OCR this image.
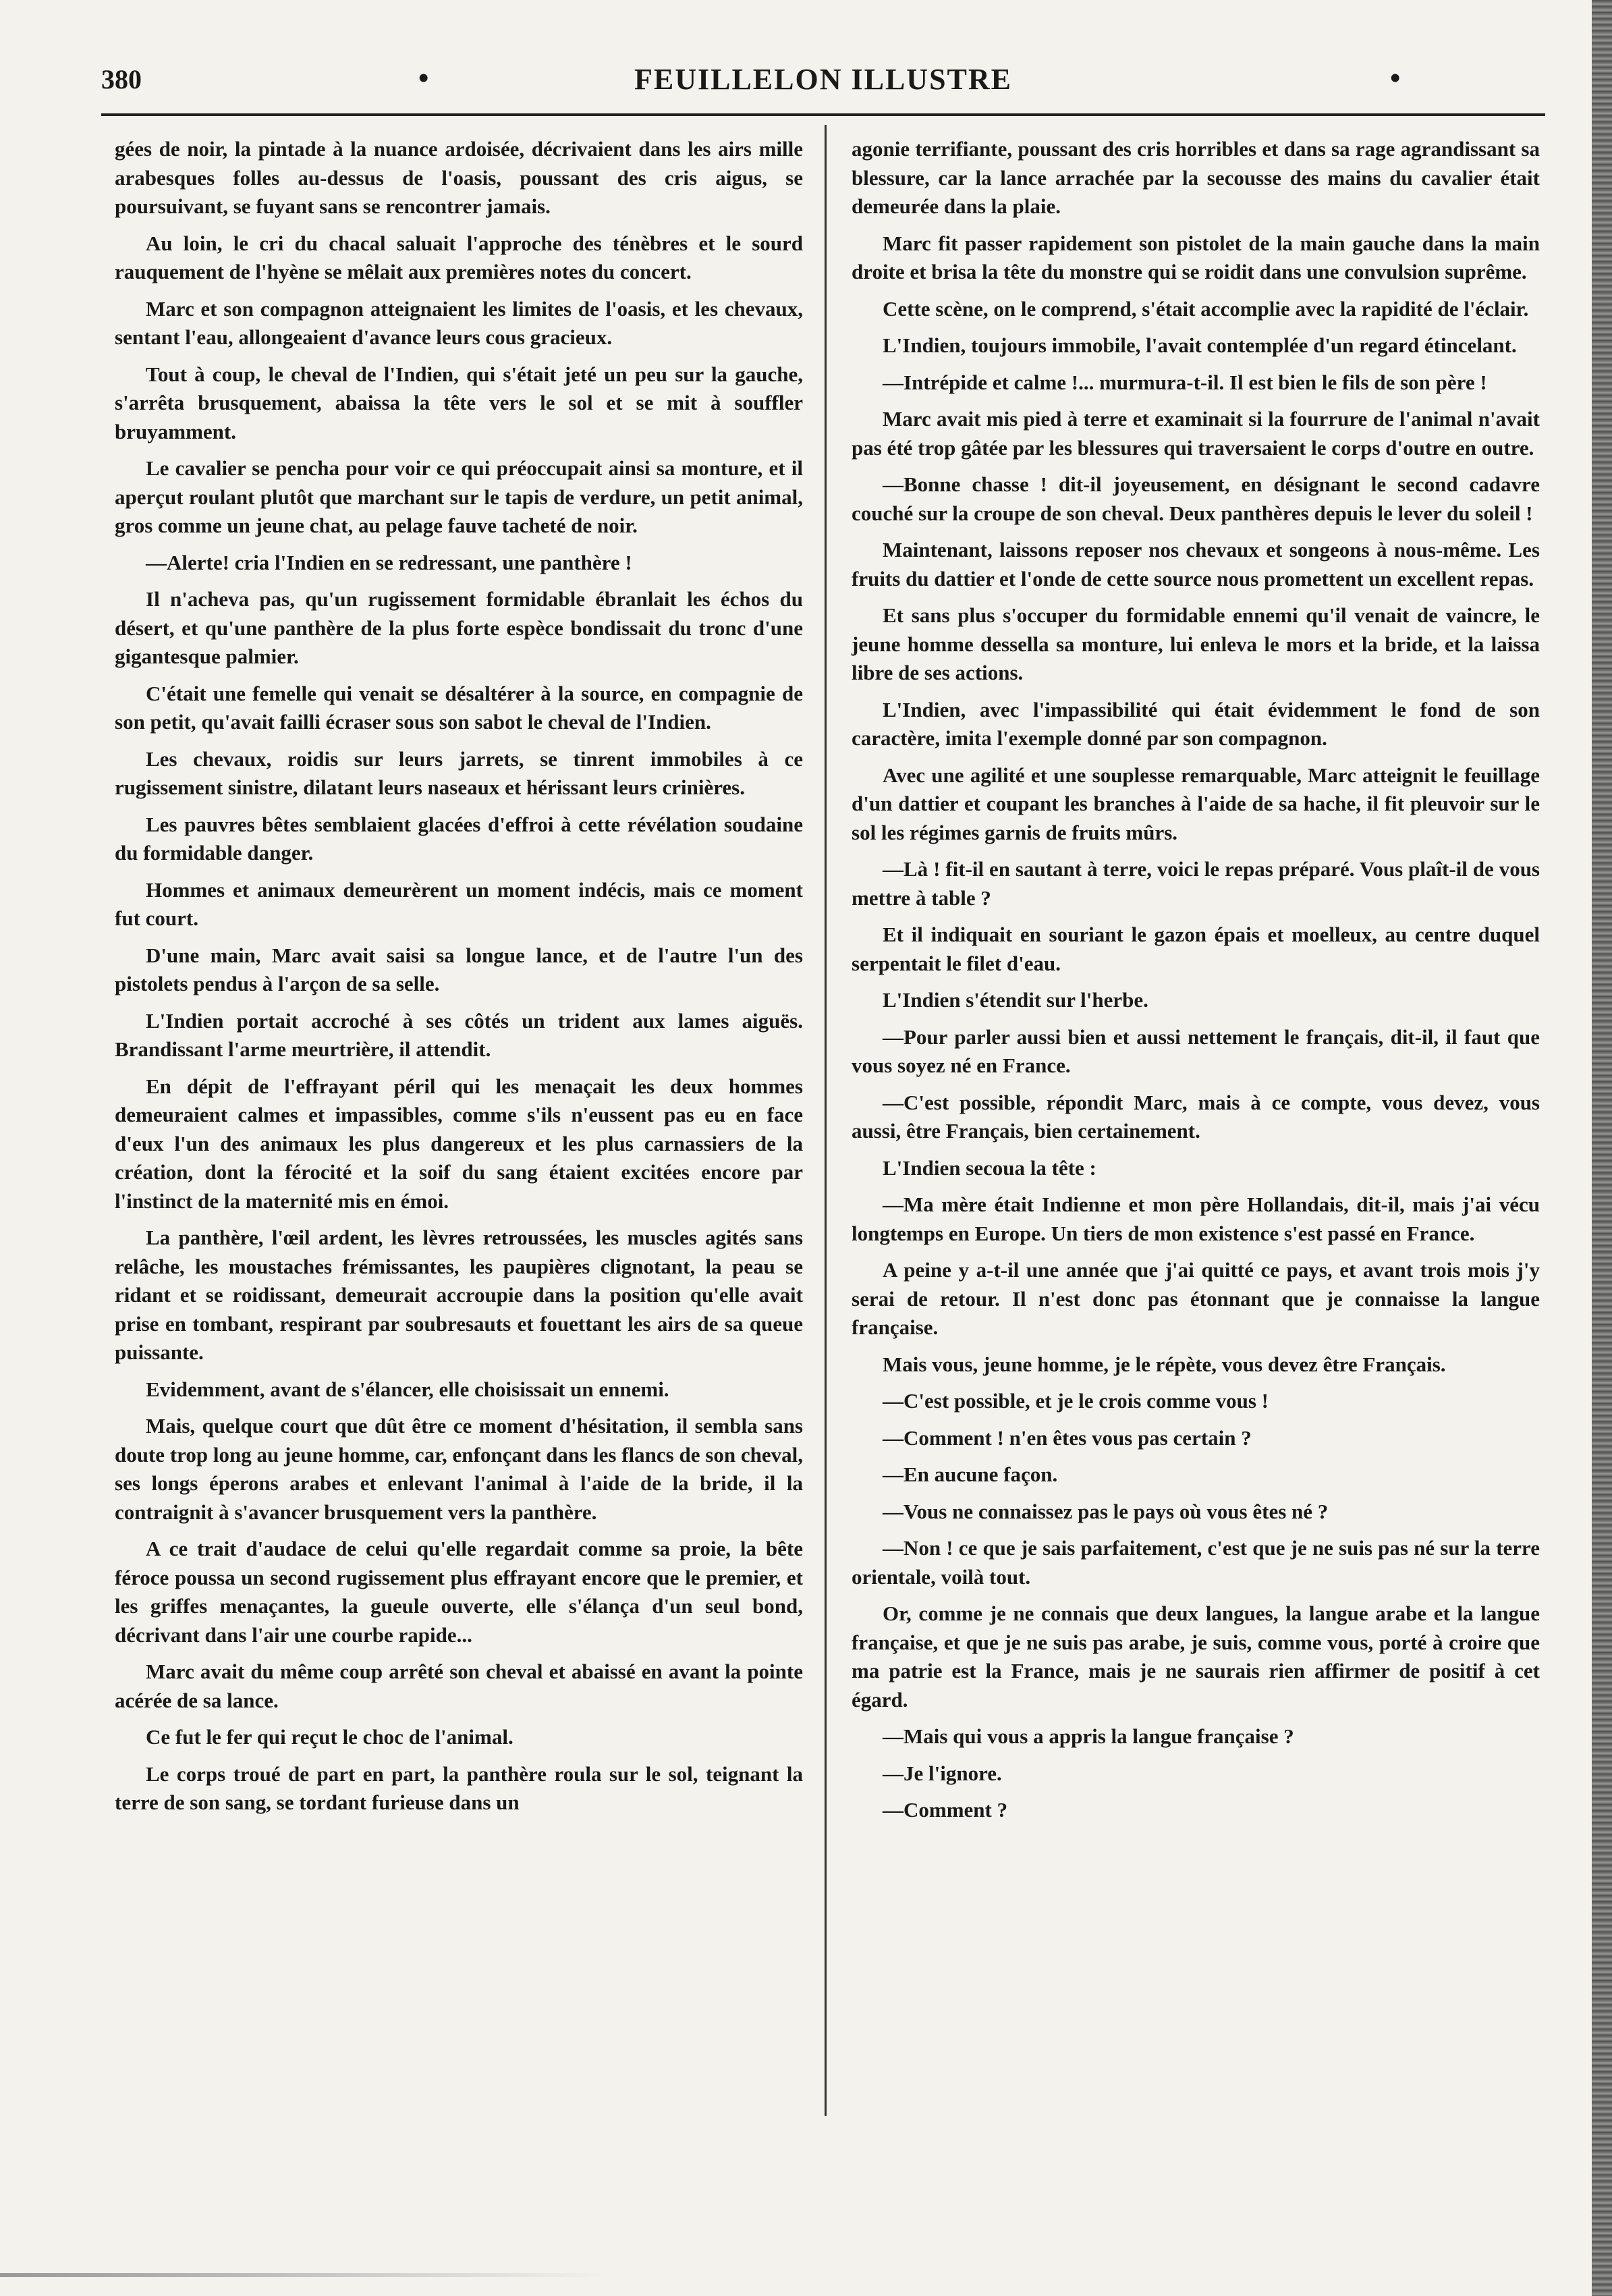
380	•	FEUILLELON ILLUSTRE	•

gées de noir, la pintade à la nuance ardoisée, décrivaient dans les airs mille arabesques folles au-dessus de l'oasis, poussant des cris aigus, se poursuivant, se fuyant sans se rencontrer jamais.

Au loin, le cri du chacal saluait l'approche des ténèbres et le sourd rauquement de l'hyène se mêlait aux premières notes du concert.

Marc et son compagnon atteignaient les limites de l'oasis, et les chevaux, sentant l'eau, allongeaient d'avance leurs cous gracieux.

Tout à coup, le cheval de l'Indien, qui s'était jeté un peu sur la gauche, s'arrêta brusquement, abaissa la tête vers le sol et se mit à souffler bruyamment.

Le cavalier se pencha pour voir ce qui préoccupait ainsi sa monture, et il aperçut roulant plutôt que marchant sur le tapis de verdure, un petit animal, gros comme un jeune chat, au pelage fauve tacheté de noir.

—Alerte! cria l'Indien en se redressant, une panthère !

Il n'acheva pas, qu'un rugissement formidable ébranlait les échos du désert, et qu'une panthère de la plus forte espèce bondissait du tronc d'une gigantesque palmier.

C'était une femelle qui venait se désaltérer à la source, en compagnie de son petit, qu'avait failli écraser sous son sabot le cheval de l'Indien.

Les chevaux, roidis sur leurs jarrets, se tinrent immobiles à ce rugissement sinistre, dilatant leurs naseaux et hérissant leurs crinières.

Les pauvres bêtes semblaient glacées d'effroi à cette révélation soudaine du formidable danger.

Hommes et animaux demeurèrent un moment indécis, mais ce moment fut court.

D'une main, Marc avait saisi sa longue lance, et de l'autre l'un des pistolets pendus à l'arçon de sa selle.

L'Indien portait accroché à ses côtés un trident aux lames aiguës. Brandissant l'arme meurtrière, il attendit.

En dépit de l'effrayant péril qui les menaçait les deux hommes demeuraient calmes et impassibles, comme s'ils n'eussent pas eu en face d'eux l'un des animaux les plus dangereux et les plus carnassiers de la création, dont la férocité et la soif du sang étaient excitées encore par l'instinct de la maternité mis en émoi.

La panthère, l'œil ardent, les lèvres retroussées, les muscles agités sans relâche, les moustaches frémissantes, les paupières clignotant, la peau se ridant et se roidissant, demeurait accroupie dans la position qu'elle avait prise en tombant, respirant par soubresauts et fouettant les airs de sa queue puissante.

Evidemment, avant de s'élancer, elle choisissait un ennemi.

Mais, quelque court que dût être ce moment d'hésitation, il sembla sans doute trop long au jeune homme, car, enfonçant dans les flancs de son cheval, ses longs éperons arabes et enlevant l'animal à l'aide de la bride, il la contraignit à s'avancer brusquement vers la panthère.

A ce trait d'audace de celui qu'elle regardait comme sa proie, la bête féroce poussa un second rugissement plus effrayant encore que le premier, et les griffes menaçantes, la gueule ouverte, elle s'élança d'un seul bond, décrivant dans l'air une courbe rapide...

Marc avait du même coup arrêté son cheval et abaissé en avant la pointe acérée de sa lance.

Ce fut le fer qui reçut le choc de l'animal.

Le corps troué de part en part, la panthère roula sur le sol, teignant la terre de son sang, se tordant furieuse dans un

agonie terrifiante, poussant des cris horribles et dans sa rage agrandissant sa blessure, car la lance arrachée par la secousse des mains du cavalier était demeurée dans la plaie.

Marc fit passer rapidement son pistolet de la main gauche dans la main droite et brisa la tête du monstre qui se roidit dans une convulsion suprême.

Cette scène, on le comprend, s'était accomplie avec la rapidité de l'éclair.

L'Indien, toujours immobile, l'avait contemplée d'un regard étincelant.

—Intrépide et calme !... murmura-t-il. Il est bien le fils de son père !

Marc avait mis pied à terre et examinait si la fourrure de l'animal n'avait pas été trop gâtée par les blessures qui traversaient le corps d'outre en outre.

—Bonne chasse ! dit-il joyeusement, en désignant le second cadavre couché sur la croupe de son cheval. Deux panthères depuis le lever du soleil !

Maintenant, laissons reposer nos chevaux et songeons à nous-même. Les fruits du dattier et l'onde de cette source nous promettent un excellent repas.

Et sans plus s'occuper du formidable ennemi qu'il venait de vaincre, le jeune homme dessella sa monture, lui enleva le mors et la bride, et la laissa libre de ses actions.

L'Indien, avec l'impassibilité qui était évidemment le fond de son caractère, imita l'exemple donné par son compagnon.

Avec une agilité et une souplesse remarquable, Marc atteignit le feuillage d'un dattier et coupant les branches à l'aide de sa hache, il fit pleuvoir sur le sol les régimes garnis de fruits mûrs.

—Là ! fit-il en sautant à terre, voici le repas préparé. Vous plaît-il de vous mettre à table ?

Et il indiquait en souriant le gazon épais et moelleux, au centre duquel serpentait le filet d'eau.

L'Indien s'étendit sur l'herbe.

—Pour parler aussi bien et aussi nettement le français, dit-il, il faut que vous soyez né en France.

—C'est possible, répondit Marc, mais à ce compte, vous devez, vous aussi, être Français, bien certainement.

L'Indien secoua la tête :

—Ma mère était Indienne et mon père Hollandais, dit-il, mais j'ai vécu longtemps en Europe. Un tiers de mon existence s'est passé en France.

A peine y a-t-il une année que j'ai quitté ce pays, et avant trois mois j'y serai de retour. Il n'est donc pas étonnant que je connaisse la langue française.

Mais vous, jeune homme, je le répète, vous devez être Français.

—C'est possible, et je le crois comme vous !

—Comment ! n'en êtes vous pas certain ?

—En aucune façon.

—Vous ne connaissez pas le pays où vous êtes né ?

—Non ! ce que je sais parfaitement, c'est que je ne suis pas né sur la terre orientale, voilà tout.

Or, comme je ne connais que deux langues, la langue arabe et la langue française, et que je ne suis pas arabe, je suis, comme vous, porté à croire que ma patrie est la France, mais je ne saurais rien affirmer de positif à cet égard.

—Mais qui vous a appris la langue française ?

—Je l'ignore.

—Comment ?
